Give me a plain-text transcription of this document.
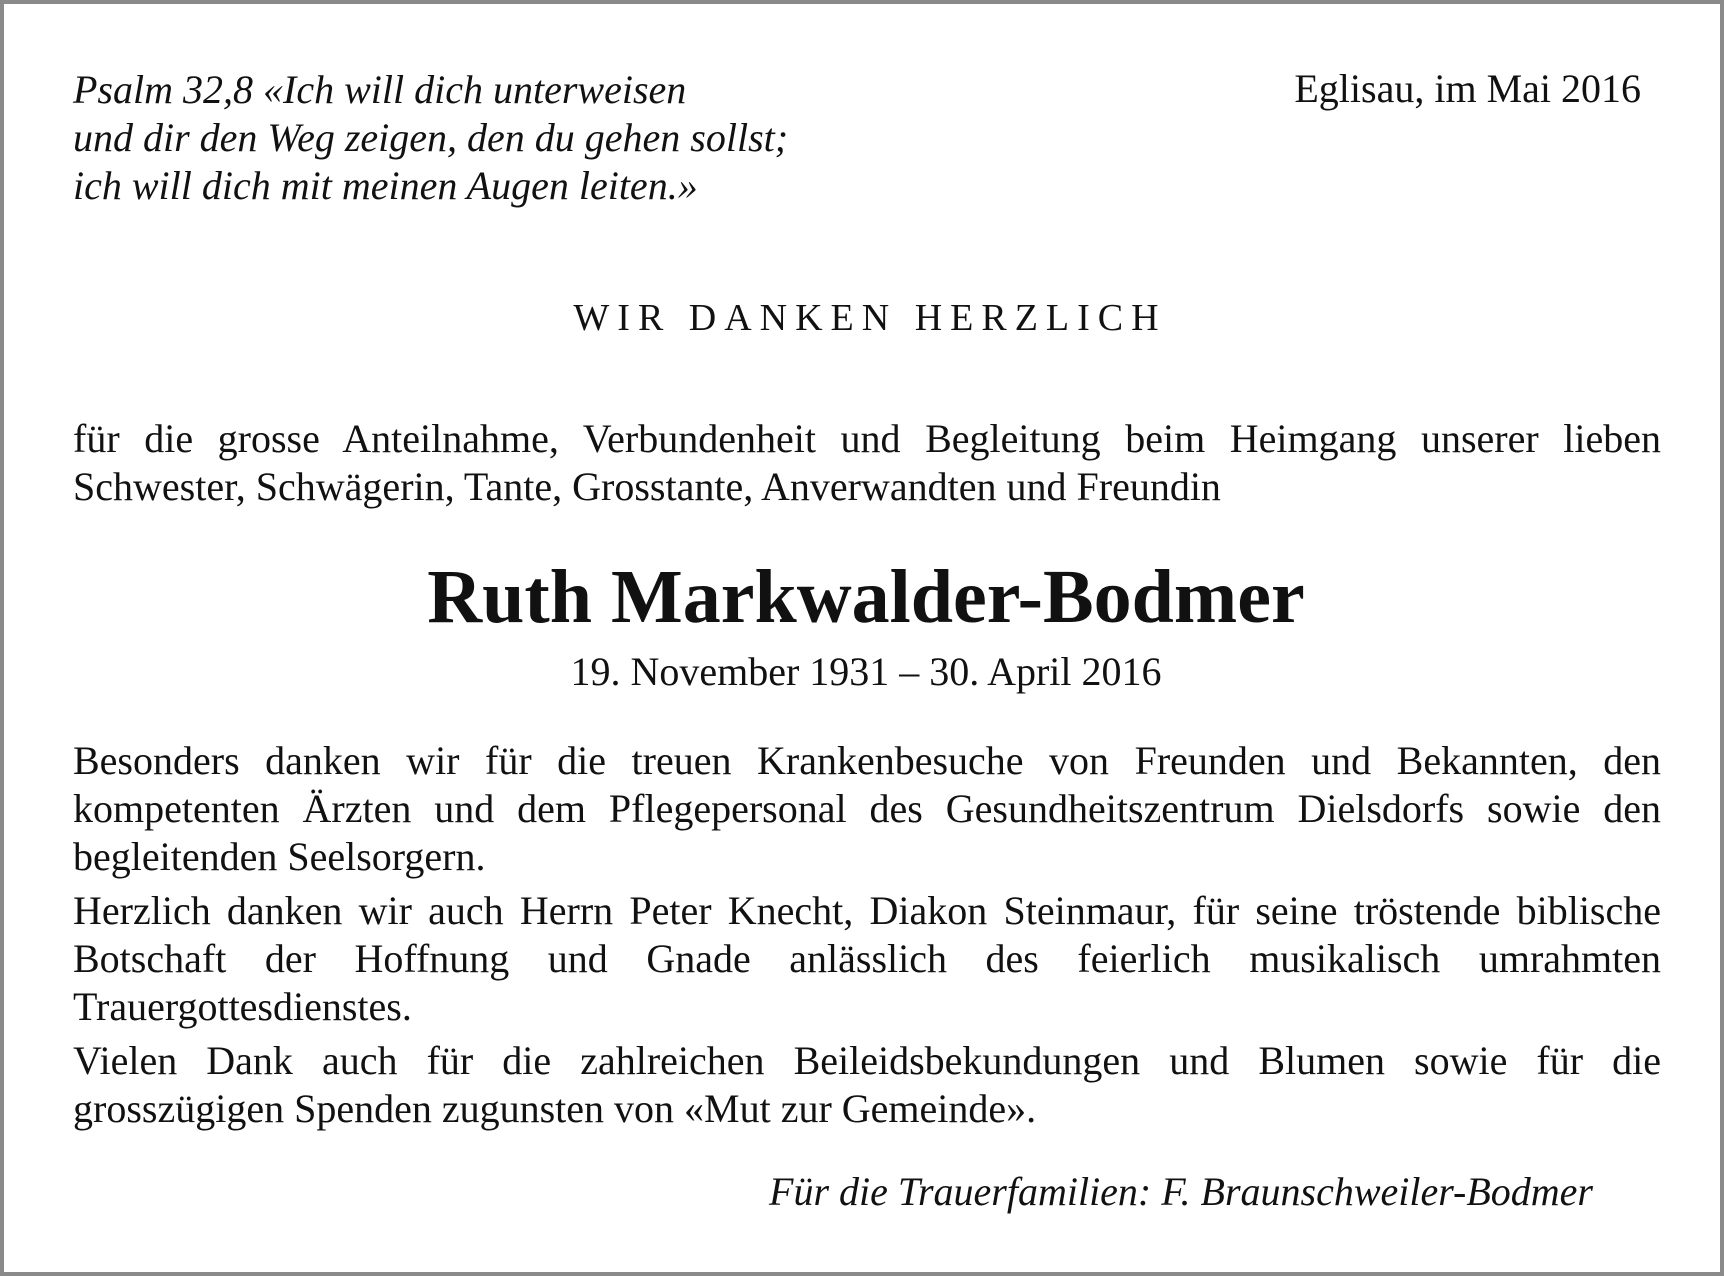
Psalm 32,8 «Ich will dich unterweisen
und dir den Weg zeigen, den du gehen sollst;
ich will dich mit meinen Augen leiten.»
Eglisau, im Mai 2016
WIR DANKEN HERZLICH

für die grosse Anteilnahme, Verbundenheit und Begleitung beim Heimgang unserer lieben Schwester, Schwägerin, Tante, Grosstante, Anverwandten und Freundin

Ruth Markwalder-Bodmer
19. November 1931 – 30. April 2016

Besonders danken wir für die treuen Krankenbesuche von Freunden und Bekannten, den kompetenten Ärzten und dem Pflegepersonal des Gesundheitszentrum Dielsdorfs sowie den begleitenden Seelsorgern.

Herzlich danken wir auch Herrn Peter Knecht, Diakon Steinmaur, für seine tröstende biblische Botschaft der Hoffnung und Gnade anlässlich des feierlich musikalisch umrahmten Trauergottesdienstes.

Vielen Dank auch für die zahlreichen Beileidsbekundungen und Blumen sowie für die grosszügigen Spenden zugunsten von «Mut zur Gemeinde».

Für die Trauerfamilien: F. Braunschweiler-Bodmer
